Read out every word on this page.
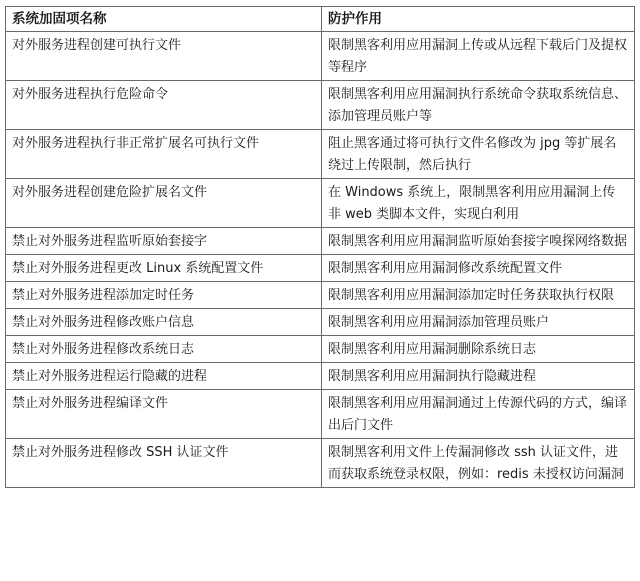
系统加固项名称	防护作用
对外服务进程创建可执行文件	限制黑客利用应用漏洞上传或从远程下载后门及提权等程序
对外服务进程执行危险命令	限制黑客利用应用漏洞执行系统命令获取系统信息、添加管理员账户等
对外服务进程执行非正常扩展名可执行文件	阻止黑客通过将可执行文件名修改为 jpg 等扩展名绕过上传限制，然后执行
对外服务进程创建危险扩展名文件	在 Windows 系统上，限制黑客利用应用漏洞上传非 web 类脚本文件，实现白利用
禁止对外服务进程监听原始套接字	限制黑客利用应用漏洞监听原始套接字嗅探网络数据
禁止对外服务进程更改 Linux 系统配置文件	限制黑客利用应用漏洞修改系统配置文件
禁止对外服务进程添加定时任务	限制黑客利用应用漏洞添加定时任务获取执行权限
禁止对外服务进程修改账户信息	限制黑客利用应用漏洞添加管理员账户
禁止对外服务进程修改系统日志	限制黑客利用应用漏洞删除系统日志
禁止对外服务进程运行隐藏的进程	限制黑客利用应用漏洞执行隐藏进程
禁止对外服务进程编译文件	限制黑客利用应用漏洞通过上传源代码的方式，编译出后门文件
禁止对外服务进程修改 SSH 认证文件	限制黑客利用文件上传漏洞修改 ssh 认证文件，进而获取系统登录权限，例如：redis 未授权访问漏洞
